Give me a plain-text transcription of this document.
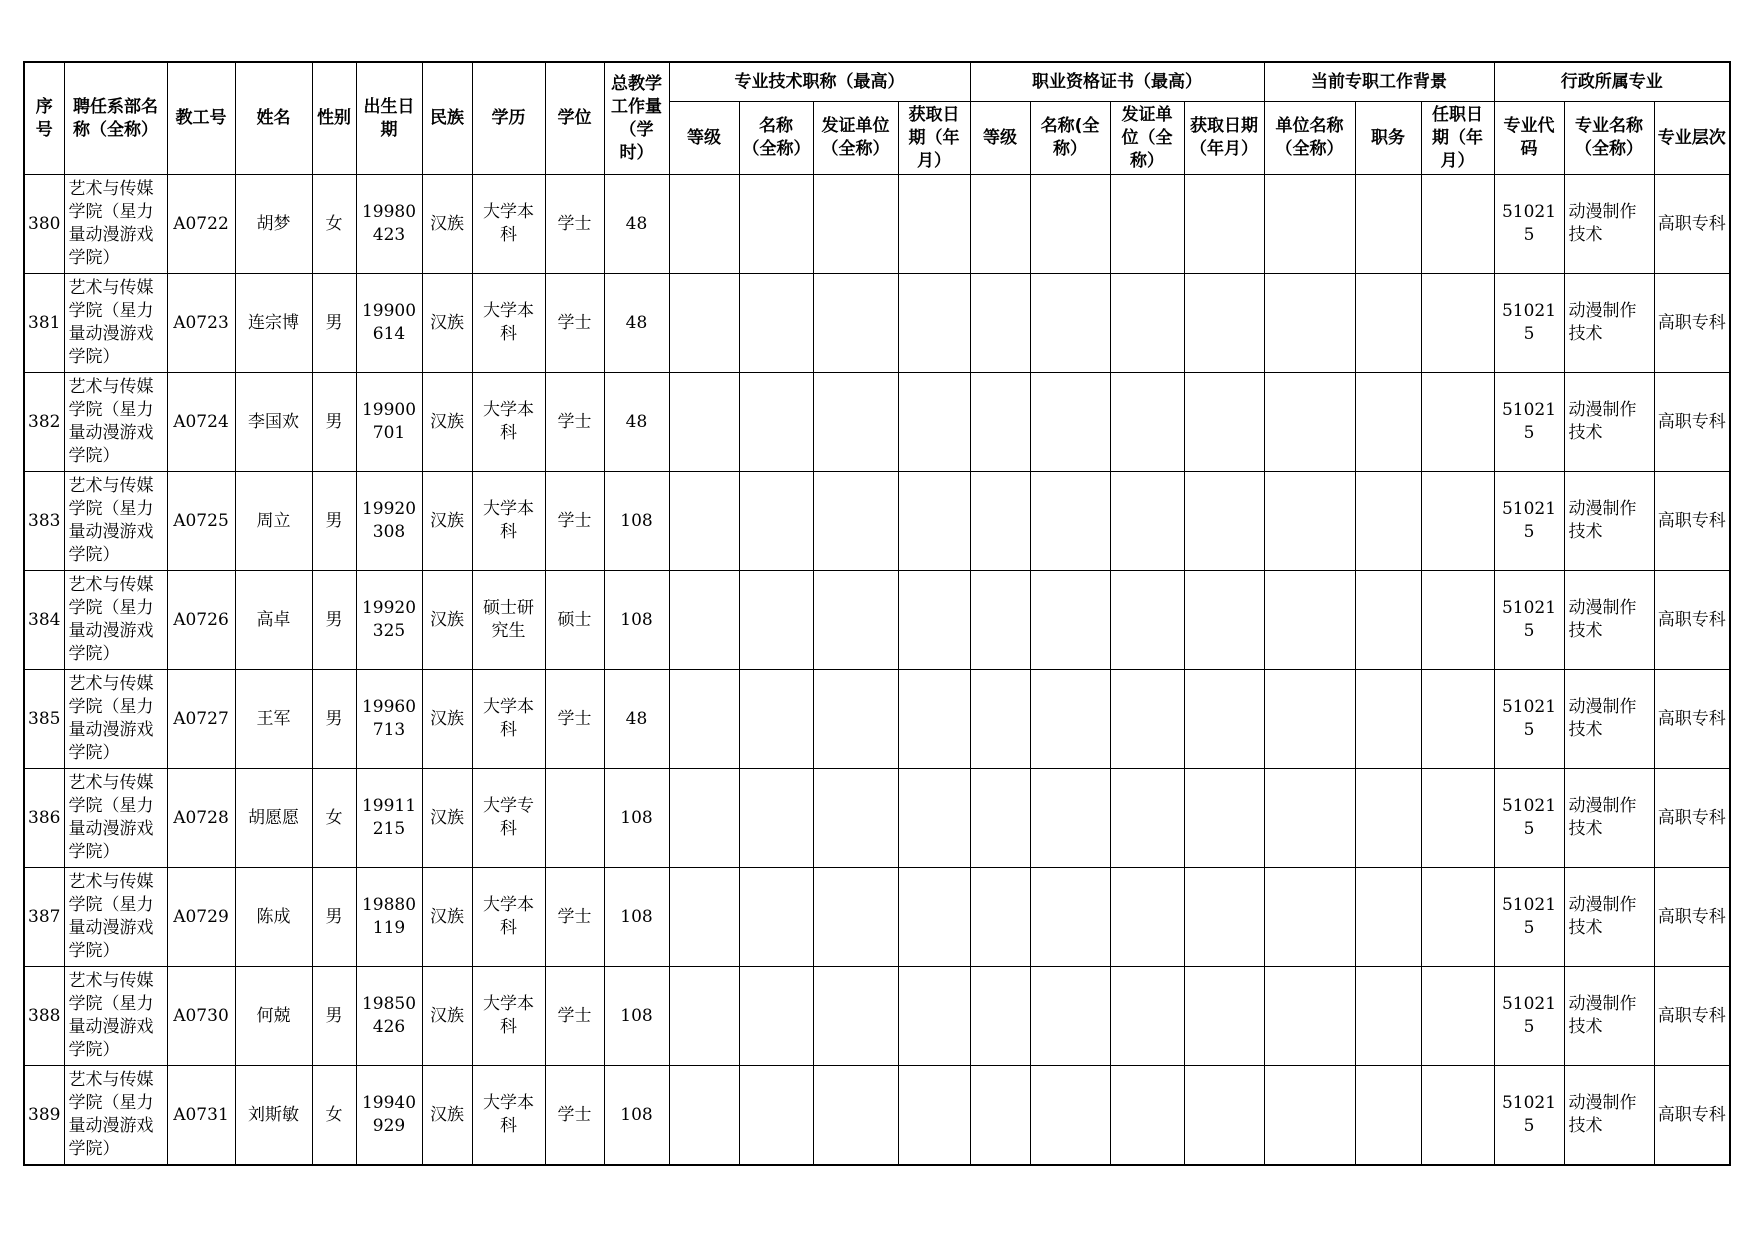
序号	聘任系部名称（全称）	教工号	姓名	性别	出生日期	民族	学历	学位	总教学工作量（学时）	专业技术职称（最高）				职业资格证书（最高）				当前专职工作背景			行政所属专业		
										等级	名称（全称）	发证单位（全称）	获取日期（年月）	等级	名称(全称）	发证单位（全称）	获取日期（年月）	单位名称（全称）	职务	任职日期（年月）	专业代码	专业名称（全称）	专业层次
380	艺术与传媒学院（星力量动漫游戏学院）	A0722	胡梦	女	19980423	汉族	大学本科	学士	48												510215	动漫制作技术	高职专科
381	艺术与传媒学院（星力量动漫游戏学院）	A0723	连宗博	男	19900614	汉族	大学本科	学士	48												510215	动漫制作技术	高职专科
382	艺术与传媒学院（星力量动漫游戏学院）	A0724	李国欢	男	19900701	汉族	大学本科	学士	48												510215	动漫制作技术	高职专科
383	艺术与传媒学院（星力量动漫游戏学院）	A0725	周立	男	19920308	汉族	大学本科	学士	108												510215	动漫制作技术	高职专科
384	艺术与传媒学院（星力量动漫游戏学院）	A0726	高卓	男	19920325	汉族	硕士研究生	硕士	108												510215	动漫制作技术	高职专科
385	艺术与传媒学院（星力量动漫游戏学院）	A0727	王军	男	19960713	汉族	大学本科	学士	48												510215	动漫制作技术	高职专科
386	艺术与传媒学院（星力量动漫游戏学院）	A0728	胡愿愿	女	19911215	汉族	大学专科		108												510215	动漫制作技术	高职专科
387	艺术与传媒学院（星力量动漫游戏学院）	A0729	陈成	男	19880119	汉族	大学本科	学士	108												510215	动漫制作技术	高职专科
388	艺术与传媒学院（星力量动漫游戏学院）	A0730	何兢	男	19850426	汉族	大学本科	学士	108												510215	动漫制作技术	高职专科
389	艺术与传媒学院（星力量动漫游戏学院）	A0731	刘斯敏	女	19940929	汉族	大学本科	学士	108												510215	动漫制作技术	高职专科
